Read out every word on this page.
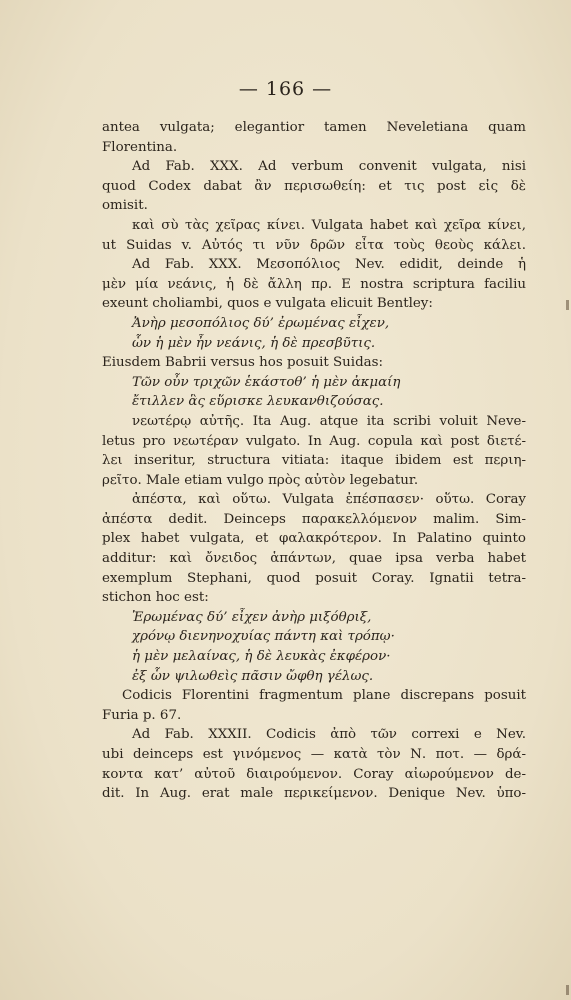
— 166 —
antea vulgata; elegantior tamen Neveletiana quam
Florentina.
Ad Fab. XXX. Ad verbum convenit vulgata, nisi
quod Codex dabat ἂν περισωθείη: et τις post εἰς δὲ
omisit.
καὶ σὺ τὰς χεῖρας κίνει. Vulgata habet καὶ χεῖρα κίνει,
ut Suidas v. Αὐτός τι νῦν δρῶν εἶτα τοὺς θεοὺς κάλει.
Ad Fab. XXX. Μεσοπόλιος Nev. edidit, deinde ἡ
μὲν μία νεάνις, ἡ δὲ ἄλλη πρ. E nostra scriptura faciliu
exeunt choliambi, quos e vulgata elicuit Bentley:
Ἀνὴρ μεσοπόλιος δύ’ ἐρωμένας εἶχεν,
ὧν ἡ μὲν ἦν νεάνις, ἡ δὲ πρεσβῦτις.
Eiusdem Babrii versus hos posuit Suidas:
Τῶν οὖν τριχῶν ἑκάστοθ’ ἡ μὲν ἀκμαίη
ἔτιλλεν ἃς εὕρισκε λευκανθιζούσας.
νεωτέρῳ αὐτῆς. Ita Aug. atque ita scribi voluit Neve-
letus pro νεωτέραν vulgato. In Aug. copula καὶ post διετέ-
λει inseritur, structura vitiata: itaque ibidem est περιη-
ρεῖτο. Male etiam vulgo πρὸς αὐτὸν legebatur.
ἀπέστα, καὶ οὕτω. Vulgata ἐπέσπασεν· οὕτω. Coray
ἀπέστα dedit. Deinceps παρακελλόμενον malim. Sim-
plex habet vulgata, et φαλακρότερον. In Palatino quinto
additur: καὶ ὄνειδος ἁπάντων, quae ipsa verba habet
exemplum Stephani, quod posuit Coray. Ignatii tetra-
stichon hoc est:
Ἐρωμένας δύ’ εἶχεν ἀνὴρ μιξόθριξ,
χρόνῳ διενηνοχυίας πάντη καὶ τρόπῳ·
ἡ μὲν μελαίνας, ἡ δὲ λευκὰς ἐκφέρον·
ἐξ ὧν ψιλωθεὶς πᾶσιν ὤφθη γέλως.
Codicis Florentini fragmentum plane discrepans posuit
Furia p. 67.
Ad Fab. XXXII. Codicis ἀπὸ τῶν correxi e Nev.
ubi deinceps est γινόμενος — κατὰ τὸν Ν. ποτ. — δρά-
κοντα κατ’ αὐτοῦ διαιρούμενον. Coray αἰωρούμενον de-
dit. In Aug. erat male περικείμενον. Denique Nev. ὑπο-
